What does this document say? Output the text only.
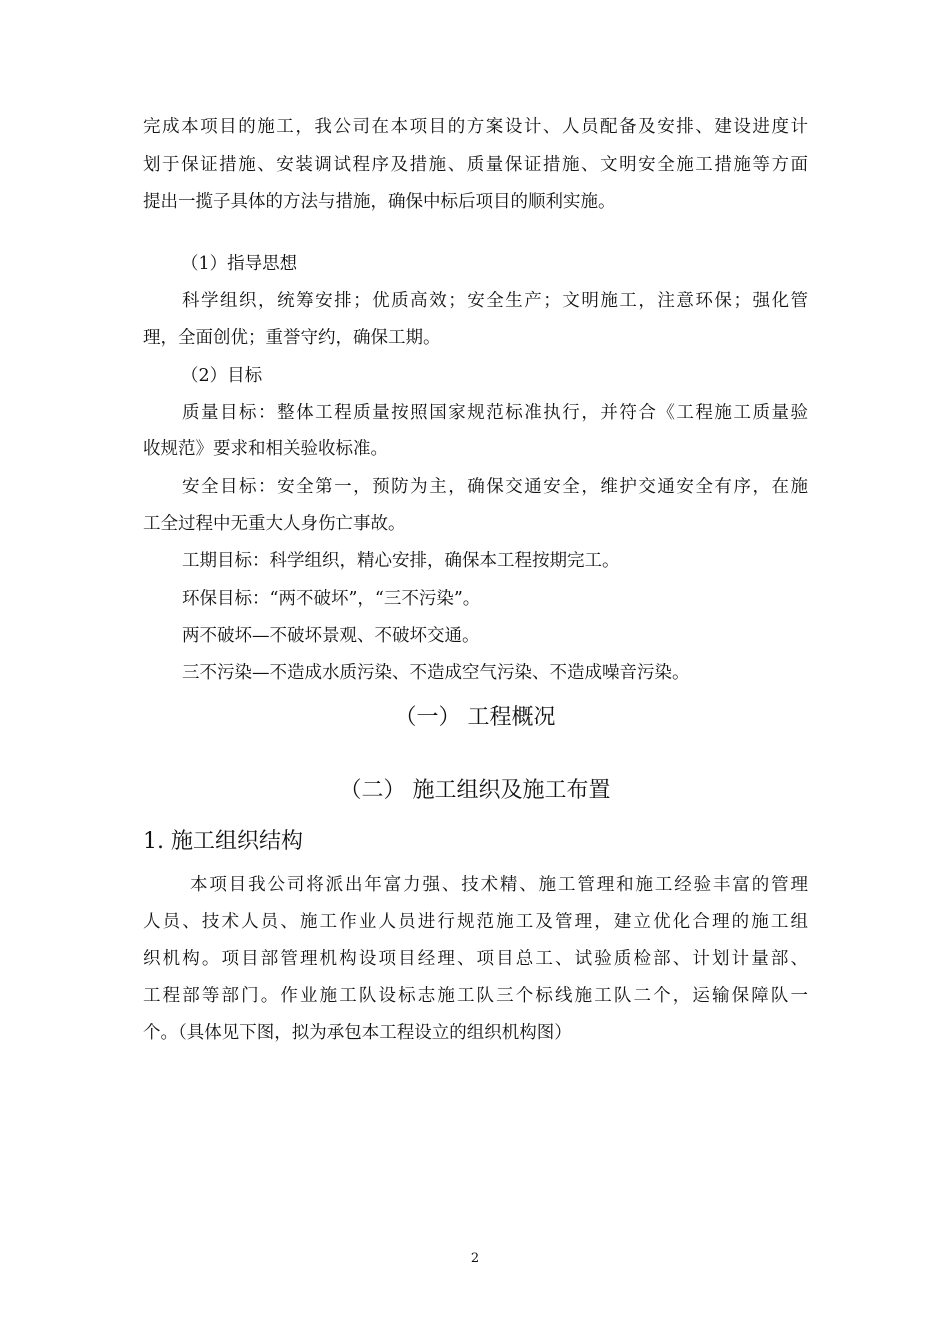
完成本项目的施工，我公司在本项目的方案设计、人员配备及安排、建设进度计

划于保证措施、安装调试程序及措施、质量保证措施、文明安全施工措施等方面

提出一揽子具体的方法与措施，确保中标后项目的顺利实施。

（1）指导思想

科学组织，统筹安排；优质高效；安全生产；文明施工，注意环保；强化管

理，全面创优；重誉守约，确保工期。

（2）目标

质量目标：整体工程质量按照国家规范标准执行，并符合《工程施工质量验

收规范》要求和相关验收标准。

安全目标：安全第一，预防为主，确保交通安全，维护交通安全有序，在施

工全过程中无重大人身伤亡事故。

工期目标：科学组织，精心安排，确保本工程按期完工。

环保目标：“两不破坏”，“三不污染”。

两不破坏—不破坏景观、不破坏交通。

三不污染—不造成水质污染、不造成空气污染、不造成噪音污染。

（一） 工程概况
（二） 施工组织及施工布置
1. 施工组织结构

本项目我公司将派出年富力强、技术精、施工管理和施工经验丰富的管理

人员、技术人员、施工作业人员进行规范施工及管理，建立优化合理的施工组

织机构。项目部管理机构设项目经理、项目总工、试验质检部、计划计量部、

工程部等部门。作业施工队设标志施工队三个标线施工队二个，运输保障队一

个。（具体见下图，拟为承包本工程设立的组织机构图）

2
